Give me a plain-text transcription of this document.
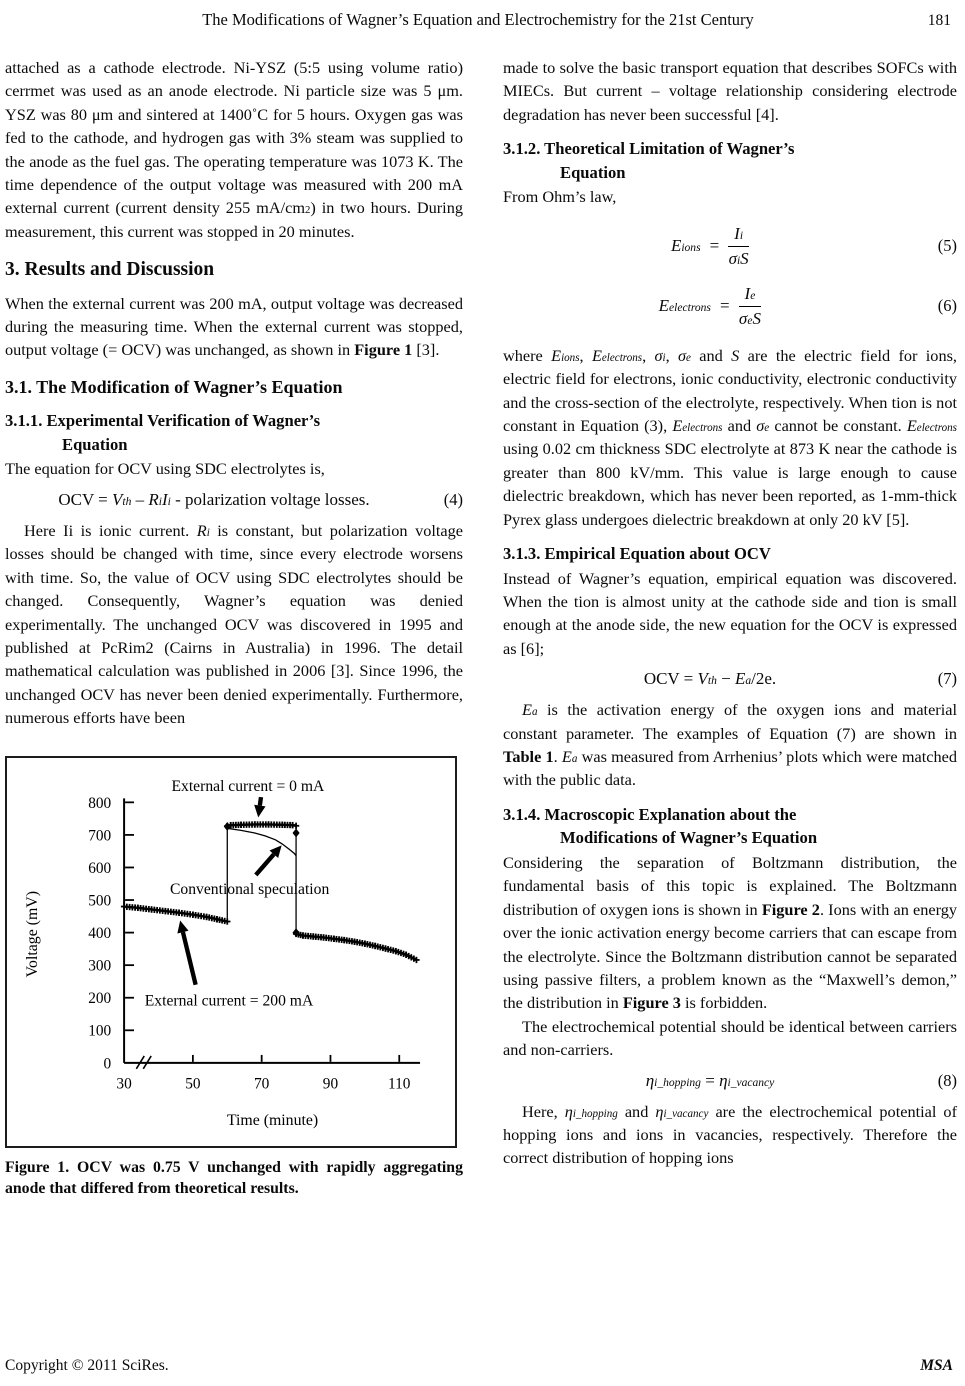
The Modifications of Wagner’s Equation and Electrochemistry for the 21st Century	181

attached as a cathode electrode. Ni-YSZ (5:5 using volume ratio) cerrmet was used as an anode electrode. Ni particle size was 5 μm. YSZ was 80 μm and sintered at 1400˚C for 5 hours. Oxygen gas was fed to the cathode, and hydrogen gas with 3% steam was supplied to the anode as the fuel gas. The operating temperature was 1073 K. The time dependence of the output voltage was measured with 200 mA external current (current density 255 $mA/cm^2$) in two hours. During measurement, this current was stopped in 20 minutes.

3. Results and Discussion

When the external current was 200 mA, output voltage was decreased during the measuring time. When the external current was stopped, output voltage (= OCV) was unchanged, as shown in Figure 1 [3].

3.1. The Modification of Wagner’s Equation
3.1.1. Experimental Verification of Wagner’s
Equation

The equation for OCV using SDC electrolytes is,

OCV = Vth – RiIi - polarization voltage losses.	(4)

Here Ii is ionic current. Ri is constant, but polarization voltage losses should be changed with time, since every electrode worsens with time. So, the value of OCV using SDC electrolytes should be changed. Consequently, Wagner’s equation was denied experimentally. The unchanged OCV was discovered in 1995 and published at PcRim2 (Cairns in Australia) in 1996. The detail mathematical calculation was published in 2006 [3]. Since 1996, the unchanged OCV has never been denied experimentally. Furthermore, numerous efforts have been

0
100
200
300
400
500
600
700
800
30	50	70	90	110
External current = 0 mA
Conventional speculation
External current = 200 mA
Time (minute)
Voltage (mV)

Figure 1. OCV was 0.75 V unchanged with rapidly aggregating anode that differed from theoretical results.

made to solve the basic transport equation that describes SOFCs with MIECs. But current – voltage relationship considering electrode degradation has never been successful [4].

3.1.2. Theoretical Limitation of Wagner’s
Equation

From Ohm’s law,

Eions = $\frac{Ii}{\text{σiS}}$	(5)
Eelectrons = $\frac{Ie}{\text{σeS}}$	(6)

where Eions, Eelectrons, σi, σe and S are the electric field for ions, electric field for electrons, ionic conductivity, electronic conductivity and the cross-section of the electrolyte, respectively. When tion is not constant in Equation (3), Eelectrons and σe cannot be constant. Eelectrons using 0.02 cm thickness SDC electrolyte at 873 K near the cathode is greater than 800 kV/mm. This value is large enough to cause dielectric breakdown, which has never been reported, as 1-mm-thick Pyrex glass undergoes dielectric breakdown at only 20 kV [5].

3.1.3. Empirical Equation about OCV

Instead of Wagner’s equation, empirical equation was discovered. When the tion is almost unity at the cathode side and tion is small enough at the anode side, the new equation for the OCV is expressed as [6];

OCV = Vth − Ea/2e.	(7)

Ea is the activation energy of the oxygen ions and material constant parameter. The examples of Equation (7) are shown in Table 1. Ea was measured from Arrhenius’ plots which were matched with the public data.

3.1.4. Macroscopic Explanation about the
Modifications of Wagner’s Equation

Considering the separation of Boltzmann distribution, the fundamental basis of this topic is explained. The Boltzmann distribution of oxygen ions is shown in Figure 2. Ions with an energy over the ionic activation energy become carriers that can escape from the electrolyte. Since the Boltzmann distribution cannot be separated using passive filters, a problem known as the “Maxwell’s demon,” the distribution in Figure 3 is forbidden.

The electrochemical potential should be identical between carriers and non-carriers.

ηi_hopping = ηi_vacancy	(8)

Here, ηi_hopping and ηi_vacancy are the electrochemical potential of hopping ions and ions in vacancies, respectively. Therefore the correct distribution of hopping ions

Copyright © 2011 SciRes.	MSA
